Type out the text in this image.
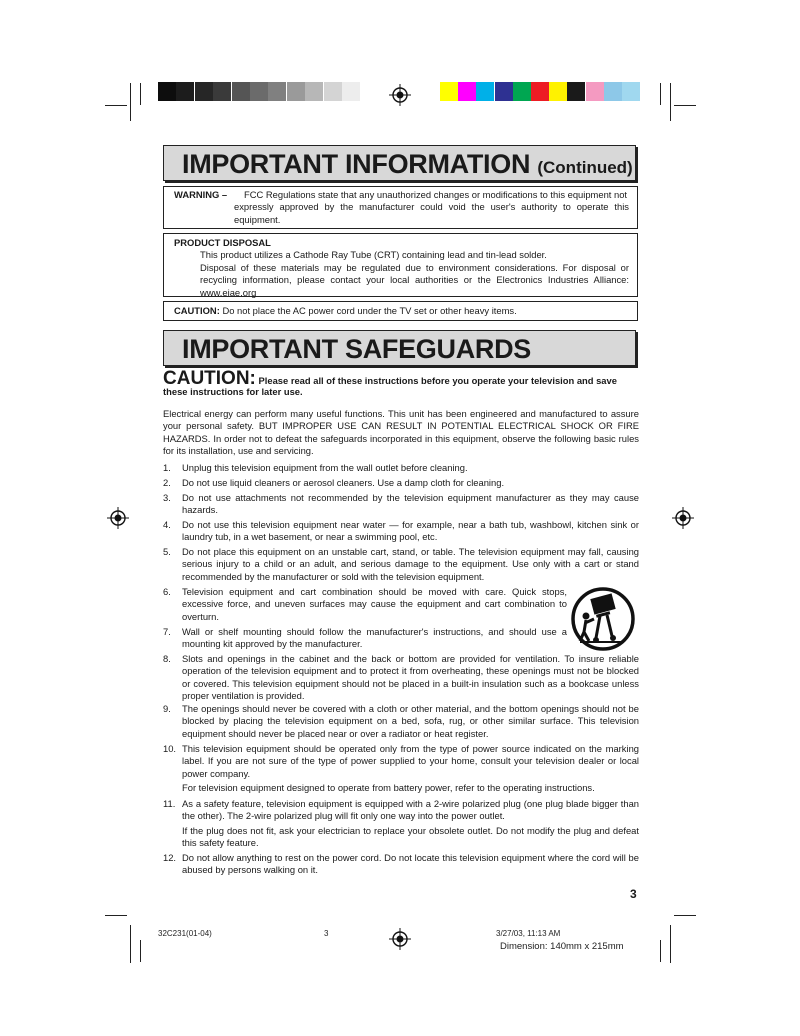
IMPORTANT INFORMATION (Continued)
WARNING – FCC Regulations state that any unauthorized changes or modifications to this equipment not
expressly approved by the manufacturer could void the user's authority to operate this
equipment.
PRODUCT DISPOSAL
This product utilizes a Cathode Ray Tube (CRT) containing lead and tin-lead solder.
Disposal of these materials may be regulated due to environment considerations. For disposal or recycling information, please contact your local authorities or the Electronics Industries Alliance: www.eiae.org
CAUTION: Do not place the AC power cord under the TV set or other heavy items.
IMPORTANT SAFEGUARDS
CAUTION: Please read all of these instructions before you operate your television and save these instructions for later use.
Electrical energy can perform many useful functions. This unit has been engineered and manufactured to assure your personal safety. BUT IMPROPER USE CAN RESULT IN POTENTIAL ELECTRICAL SHOCK OR FIRE HAZARDS. In order not to defeat the safeguards incorporated in this equipment, observe the following basic rules for its installation, use and servicing.
1.	Unplug this television equipment from the wall outlet before cleaning.
2.	Do not use liquid cleaners or aerosol cleaners. Use a damp cloth for cleaning.
3.	Do not use attachments not recommended by the television equipment manufacturer as they may cause hazards.
4.	Do not use this television equipment near water — for example, near a bath tub, washbowl, kitchen sink or laundry tub, in a wet basement, or near a swimming pool, etc.
5.	Do not place this equipment on an unstable cart, stand, or table. The television equipment may fall, causing serious injury to a child or an adult, and serious damage to the equipment. Use only with a cart or stand recommended by the manufacturer or sold with the television equipment.
6.	Television equipment and cart combination should be moved with care. Quick stops, excessive force, and uneven surfaces may cause the equipment and cart combination to overturn.
7.	Wall or shelf mounting should follow the manufacturer's instructions, and should use a mounting kit approved by the manufacturer.
8.	Slots and openings in the cabinet and the back or bottom are provided for ventilation. To insure reliable operation of the television equipment and to protect it from overheating, these openings must not be blocked or covered. This television equipment should not be placed in a built-in insulation such as a bookcase unless proper ventilation is provided.
9.	The openings should never be covered with a cloth or other material, and the bottom openings should not be blocked by placing the television equipment on a bed, sofa, rug, or other similar surface. This television equipment should never be placed near or over a radiator or heat register.
10. This television equipment should be operated only from the type of power source indicated on the marking label. If you are not sure of the type of power supplied to your home, consult your television dealer or local power company.
For television equipment designed to operate from battery power, refer to the operating instructions.
11. As a safety feature, television equipment is equipped with a 2-wire polarized plug (one plug blade bigger than the other). The 2-wire polarized plug will fit only one way into the power outlet.
If the plug does not fit, ask your electrician to replace your obsolete outlet. Do not modify the plug and defeat this safety feature.
12. Do not allow anything to rest on the power cord. Do not locate this television equipment where the cord will be abused by persons walking on it.
3
32C231(01-04)	3	3/27/03, 11:13 AM
Dimension: 140mm x 215mm
